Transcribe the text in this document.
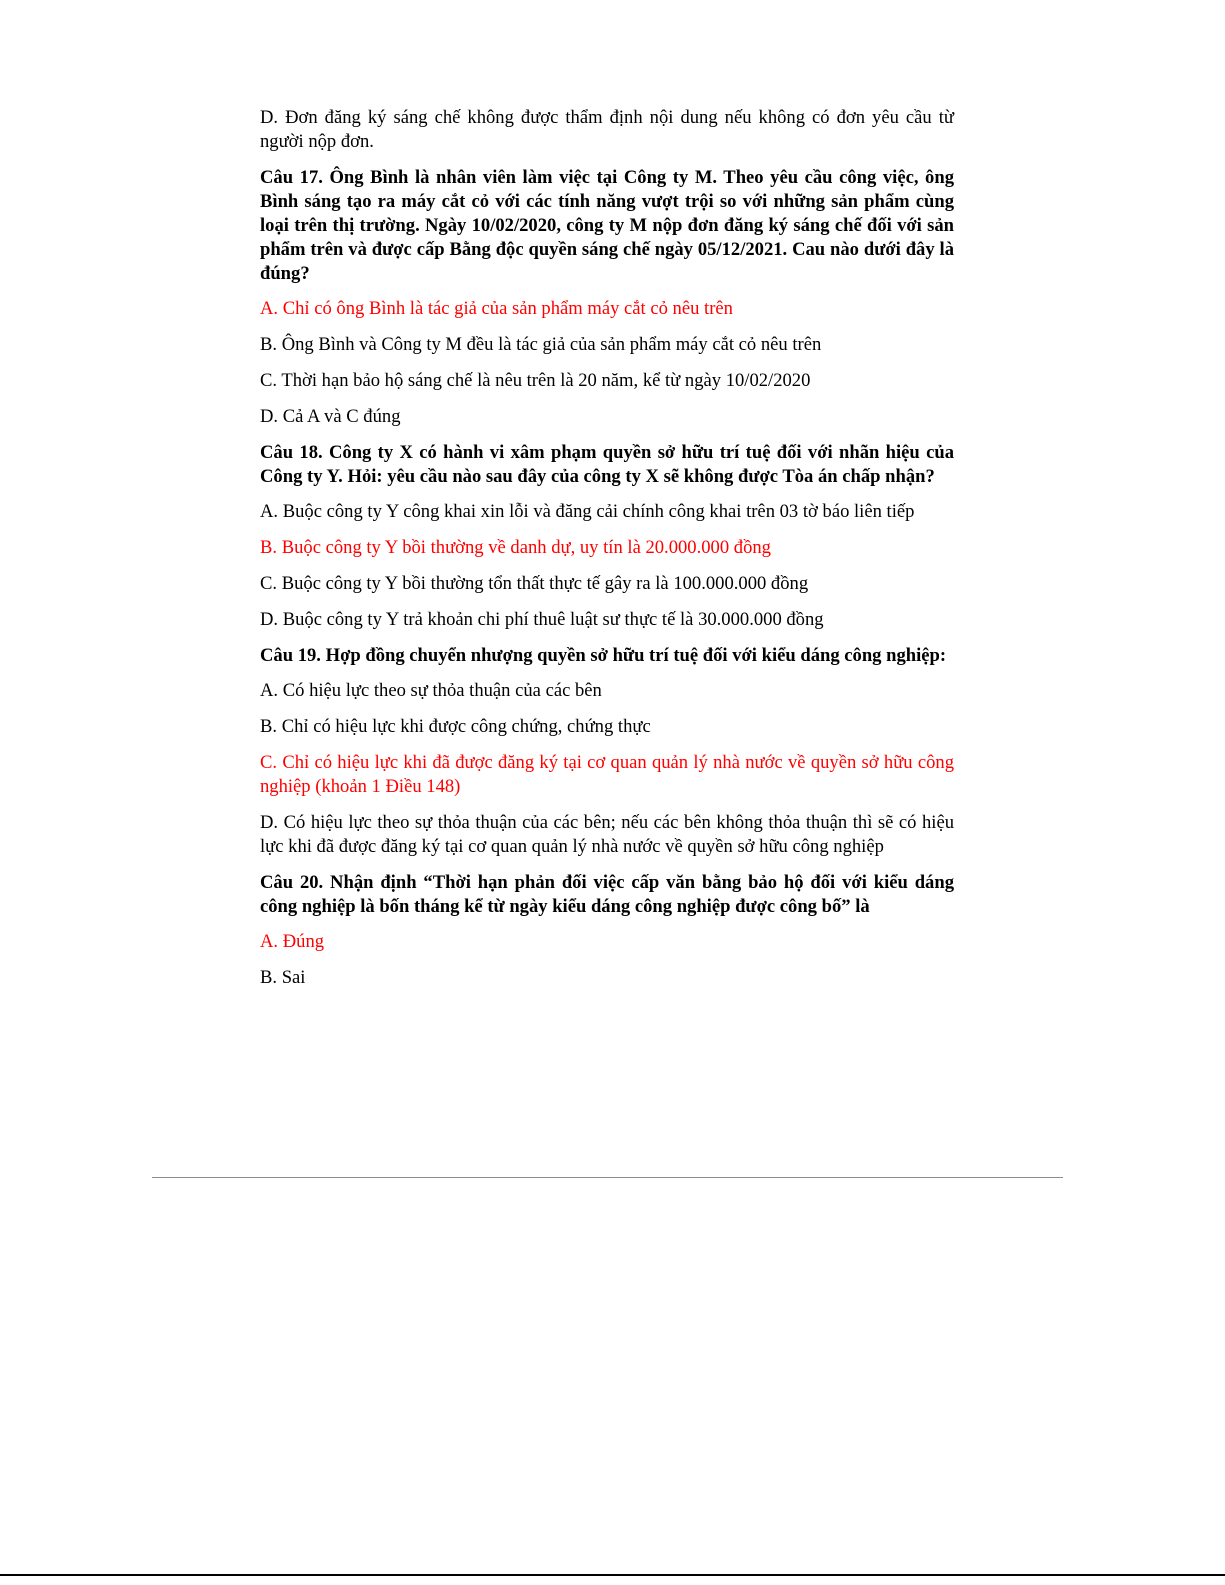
D. Đơn đăng ký sáng chế không được thẩm định nội dung nếu không có đơn yêu cầu từ người nộp đơn.

Câu 17. Ông Bình là nhân viên làm việc tại Công ty M. Theo yêu cầu công việc, ông Bình sáng tạo ra máy cắt cỏ với các tính năng vượt trội so với những sản phẩm cùng loại trên thị trường. Ngày 10/02/2020, công ty M nộp đơn đăng ký sáng chế đối với sản phẩm trên và được cấp Bằng độc quyền sáng chế ngày 05/12/2021. Cau nào dưới đây là đúng?

A. Chỉ có ông Bình là tác giả của sản phẩm máy cắt cỏ nêu trên

B. Ông Bình và Công ty M đều là tác giả của sản phẩm máy cắt cỏ nêu trên

C. Thời hạn bảo hộ sáng chế là nêu trên là 20 năm, kể từ ngày 10/02/2020

D. Cả A và C đúng

Câu 18. Công ty X có hành vi xâm phạm quyền sở hữu trí tuệ đối với nhãn hiệu của Công ty Y. Hỏi: yêu cầu nào sau đây của công ty X sẽ không được Tòa án chấp nhận?

A. Buộc công ty Y công khai xin lỗi và đăng cải chính công khai trên 03 tờ báo liên tiếp

B. Buộc công ty Y bồi thường về danh dự, uy tín là 20.000.000 đồng

C. Buộc công ty Y bồi thường tổn thất thực tế gây ra là 100.000.000 đồng

D. Buộc công ty Y trả khoản chi phí thuê luật sư thực tế là 30.000.000 đồng

Câu 19. Hợp đồng chuyển nhượng quyền sở hữu trí tuệ đối với kiểu dáng công nghiệp:

A. Có hiệu lực theo sự thỏa thuận của các bên

B. Chỉ có hiệu lực khi được công chứng, chứng thực

C. Chỉ có hiệu lực khi đã được đăng ký tại cơ quan quản lý nhà nước về quyền sở hữu công nghiệp (khoản 1 Điều 148)

D. Có hiệu lực theo sự thỏa thuận của các bên; nếu các bên không thỏa thuận thì sẽ có hiệu lực khi đã được đăng ký tại cơ quan quản lý nhà nước về quyền sở hữu công nghiệp

Câu 20. Nhận định “Thời hạn phản đối việc cấp văn bằng bảo hộ đối với kiểu dáng công nghiệp là bốn tháng kể từ ngày kiểu dáng công nghiệp được công bố” là

A. Đúng

B. Sai
